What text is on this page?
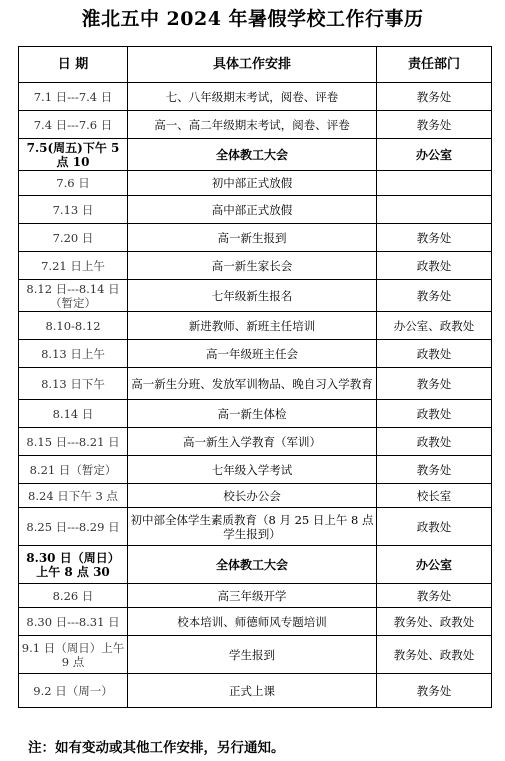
淮北五中 2024 年暑假学校工作行事历
日 期	具体工作安排	责任部门
7.1 日---7.4 日	七、八年级期末考试，阅卷、评卷	教务处
7.4 日---7.6 日	高一、高二年级期末考试，阅卷、评卷	教务处
7.5(周五)下午 5 点 10	全体教工大会	办公室
7.6 日	初中部正式放假	
7.13 日	高中部正式放假	
7.20 日	高一新生报到	教务处
7.21 日上午	高一新生家长会	政教处
8.12 日---8.14 日（暂定）	七年级新生报名	教务处
8.10-8.12	新进教师、新班主任培训	办公室、政教处
8.13 日上午	高一年级班主任会	政教处
8.13 日下午	高一新生分班、发放军训物品、晚自习入学教育	教务处
8.14 日	高一新生体检	政教处
8.15 日---8.21 日	高一新生入学教育（军训）	政教处
8.21 日（暂定）	七年级入学考试	教务处
8.24 日下午 3 点	校长办公会	校长室
8.25 日---8.29 日	初中部全体学生素质教育（8 月 25 日上午 8 点学生报到）	政教处
8.30 日（周日）上午 8 点 30	全体教工大会	办公室
8.26 日	高三年级开学	教务处
8.30 日---8.31 日	校本培训、师德师风专题培训	教务处、政教处
9.1 日（周日）上午 9 点	学生报到	教务处、政教处
9.2 日（周一）	正式上课	教务处
注：如有变动或其他工作安排，另行通知。
